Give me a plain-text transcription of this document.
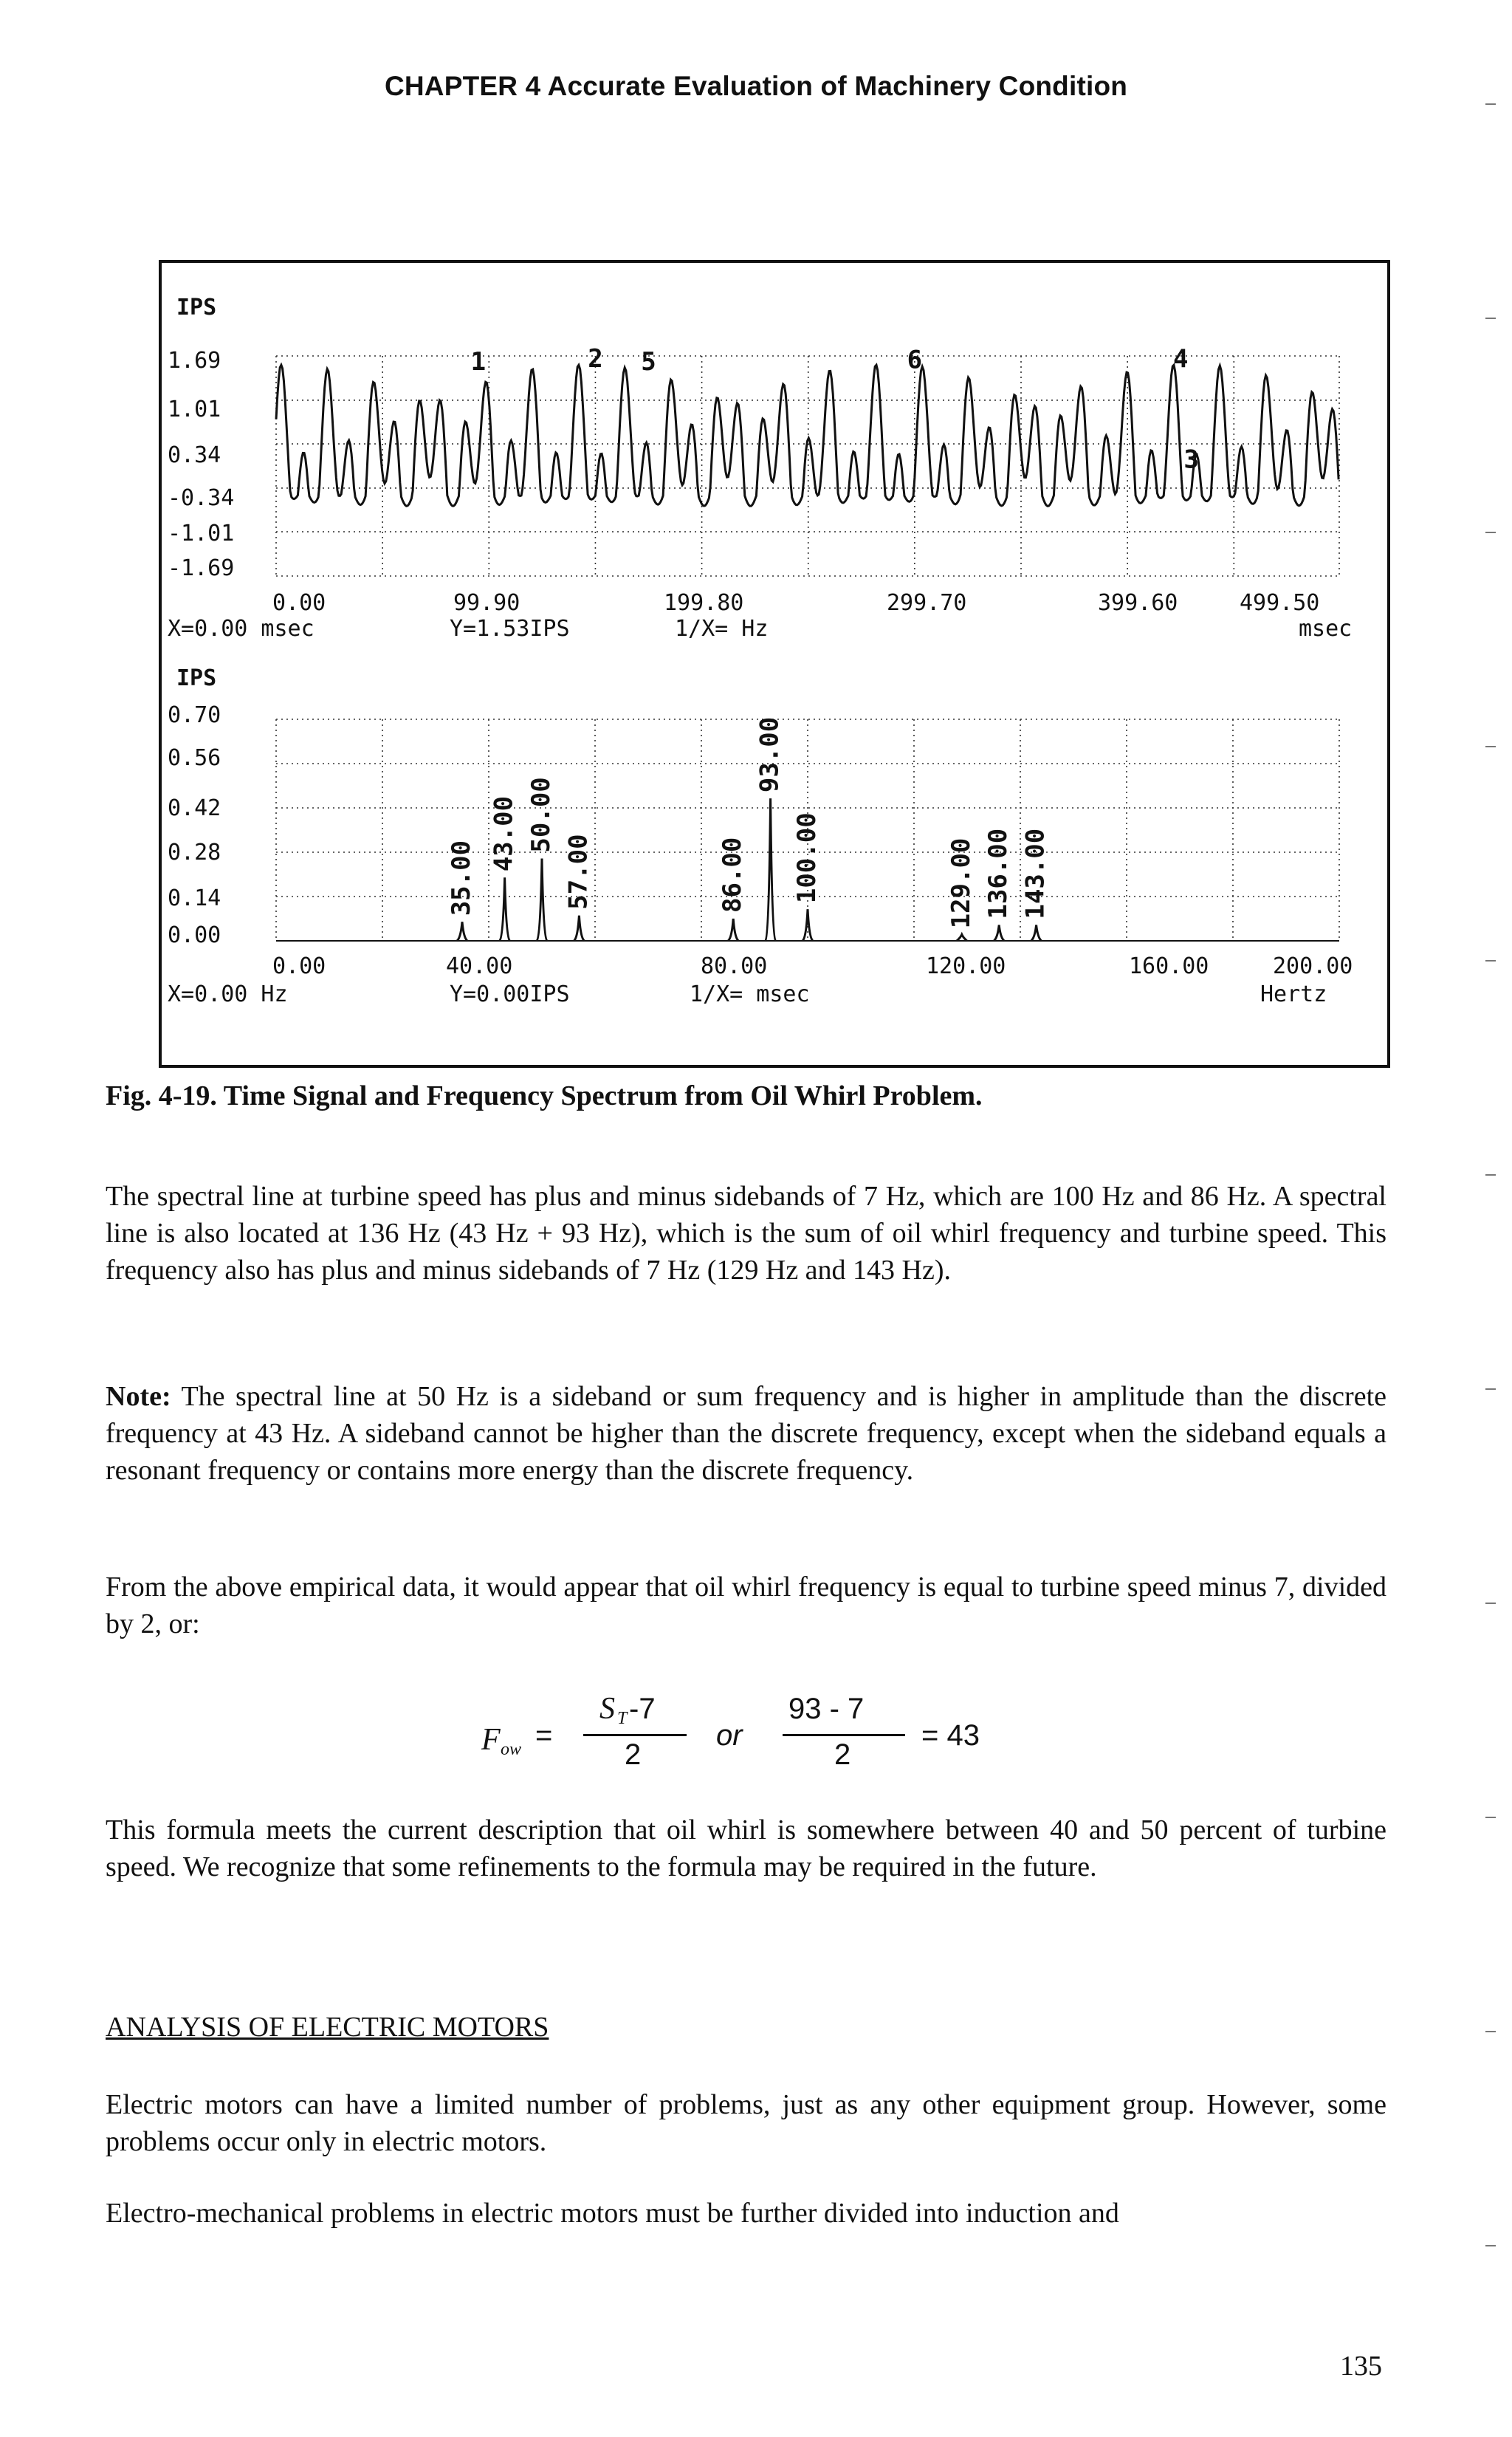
CHAPTER 4 Accurate Evaluation of Machinery Condition
IPS
1.69
1.01
0.34
-0.34
-1.01
-1.69
1	2 5	6	4
3
0.00	99.90	199.80	299.70	399.60	499.50
X=0.00 msec	Y=1.53IPS	1/X= Hz	msec
IPS
0.70
0.56
0.42
0.28
0.14
0.00
35.00
43.00 50.00
57.00	86.00
93.00
100.00	129.00 136.00 143.00
0.00	40.00	80.00	120.00	160.00	200.00
X=0.00 Hz	Y=0.00IPS	1/X= msec	Hertz
Fig. 4-19. Time Signal and Frequency Spectrum from Oil Whirl Problem.
The spectral line at turbine speed has plus and minus sidebands of 7 Hz, which are 100 Hz and 86 Hz. A spectral line is also located at 136 Hz (43 Hz + 93 Hz), which is the sum of oil whirl frequency and turbine speed. This frequency also has plus and minus sidebands of 7 Hz (129 Hz and 143 Hz).
Note: The spectral line at 50 Hz is a sideband or sum frequency and is higher in amplitude than the discrete frequency at 43 Hz. A sideband cannot be higher than the discrete frequency, except when the sideband equals a resonant frequency or contains more energy than the discrete frequency.
From the above empirical data, it would appear that oil whirl frequency is equal to turbine speed minus 7, divided by 2, or:
F ow =
S T -7
2
or
93 - 7
2
= 43
This formula meets the current description that oil whirl is somewhere between 40 and 50 percent of turbine speed. We recognize that some refinements to the formula may be required in the future.
ANALYSIS OF ELECTRIC MOTORS
Electric motors can have a limited number of problems, just as any other equipment group. However, some problems occur only in electric motors.
Electro-mechanical problems in electric motors must be further divided into induction and
135
